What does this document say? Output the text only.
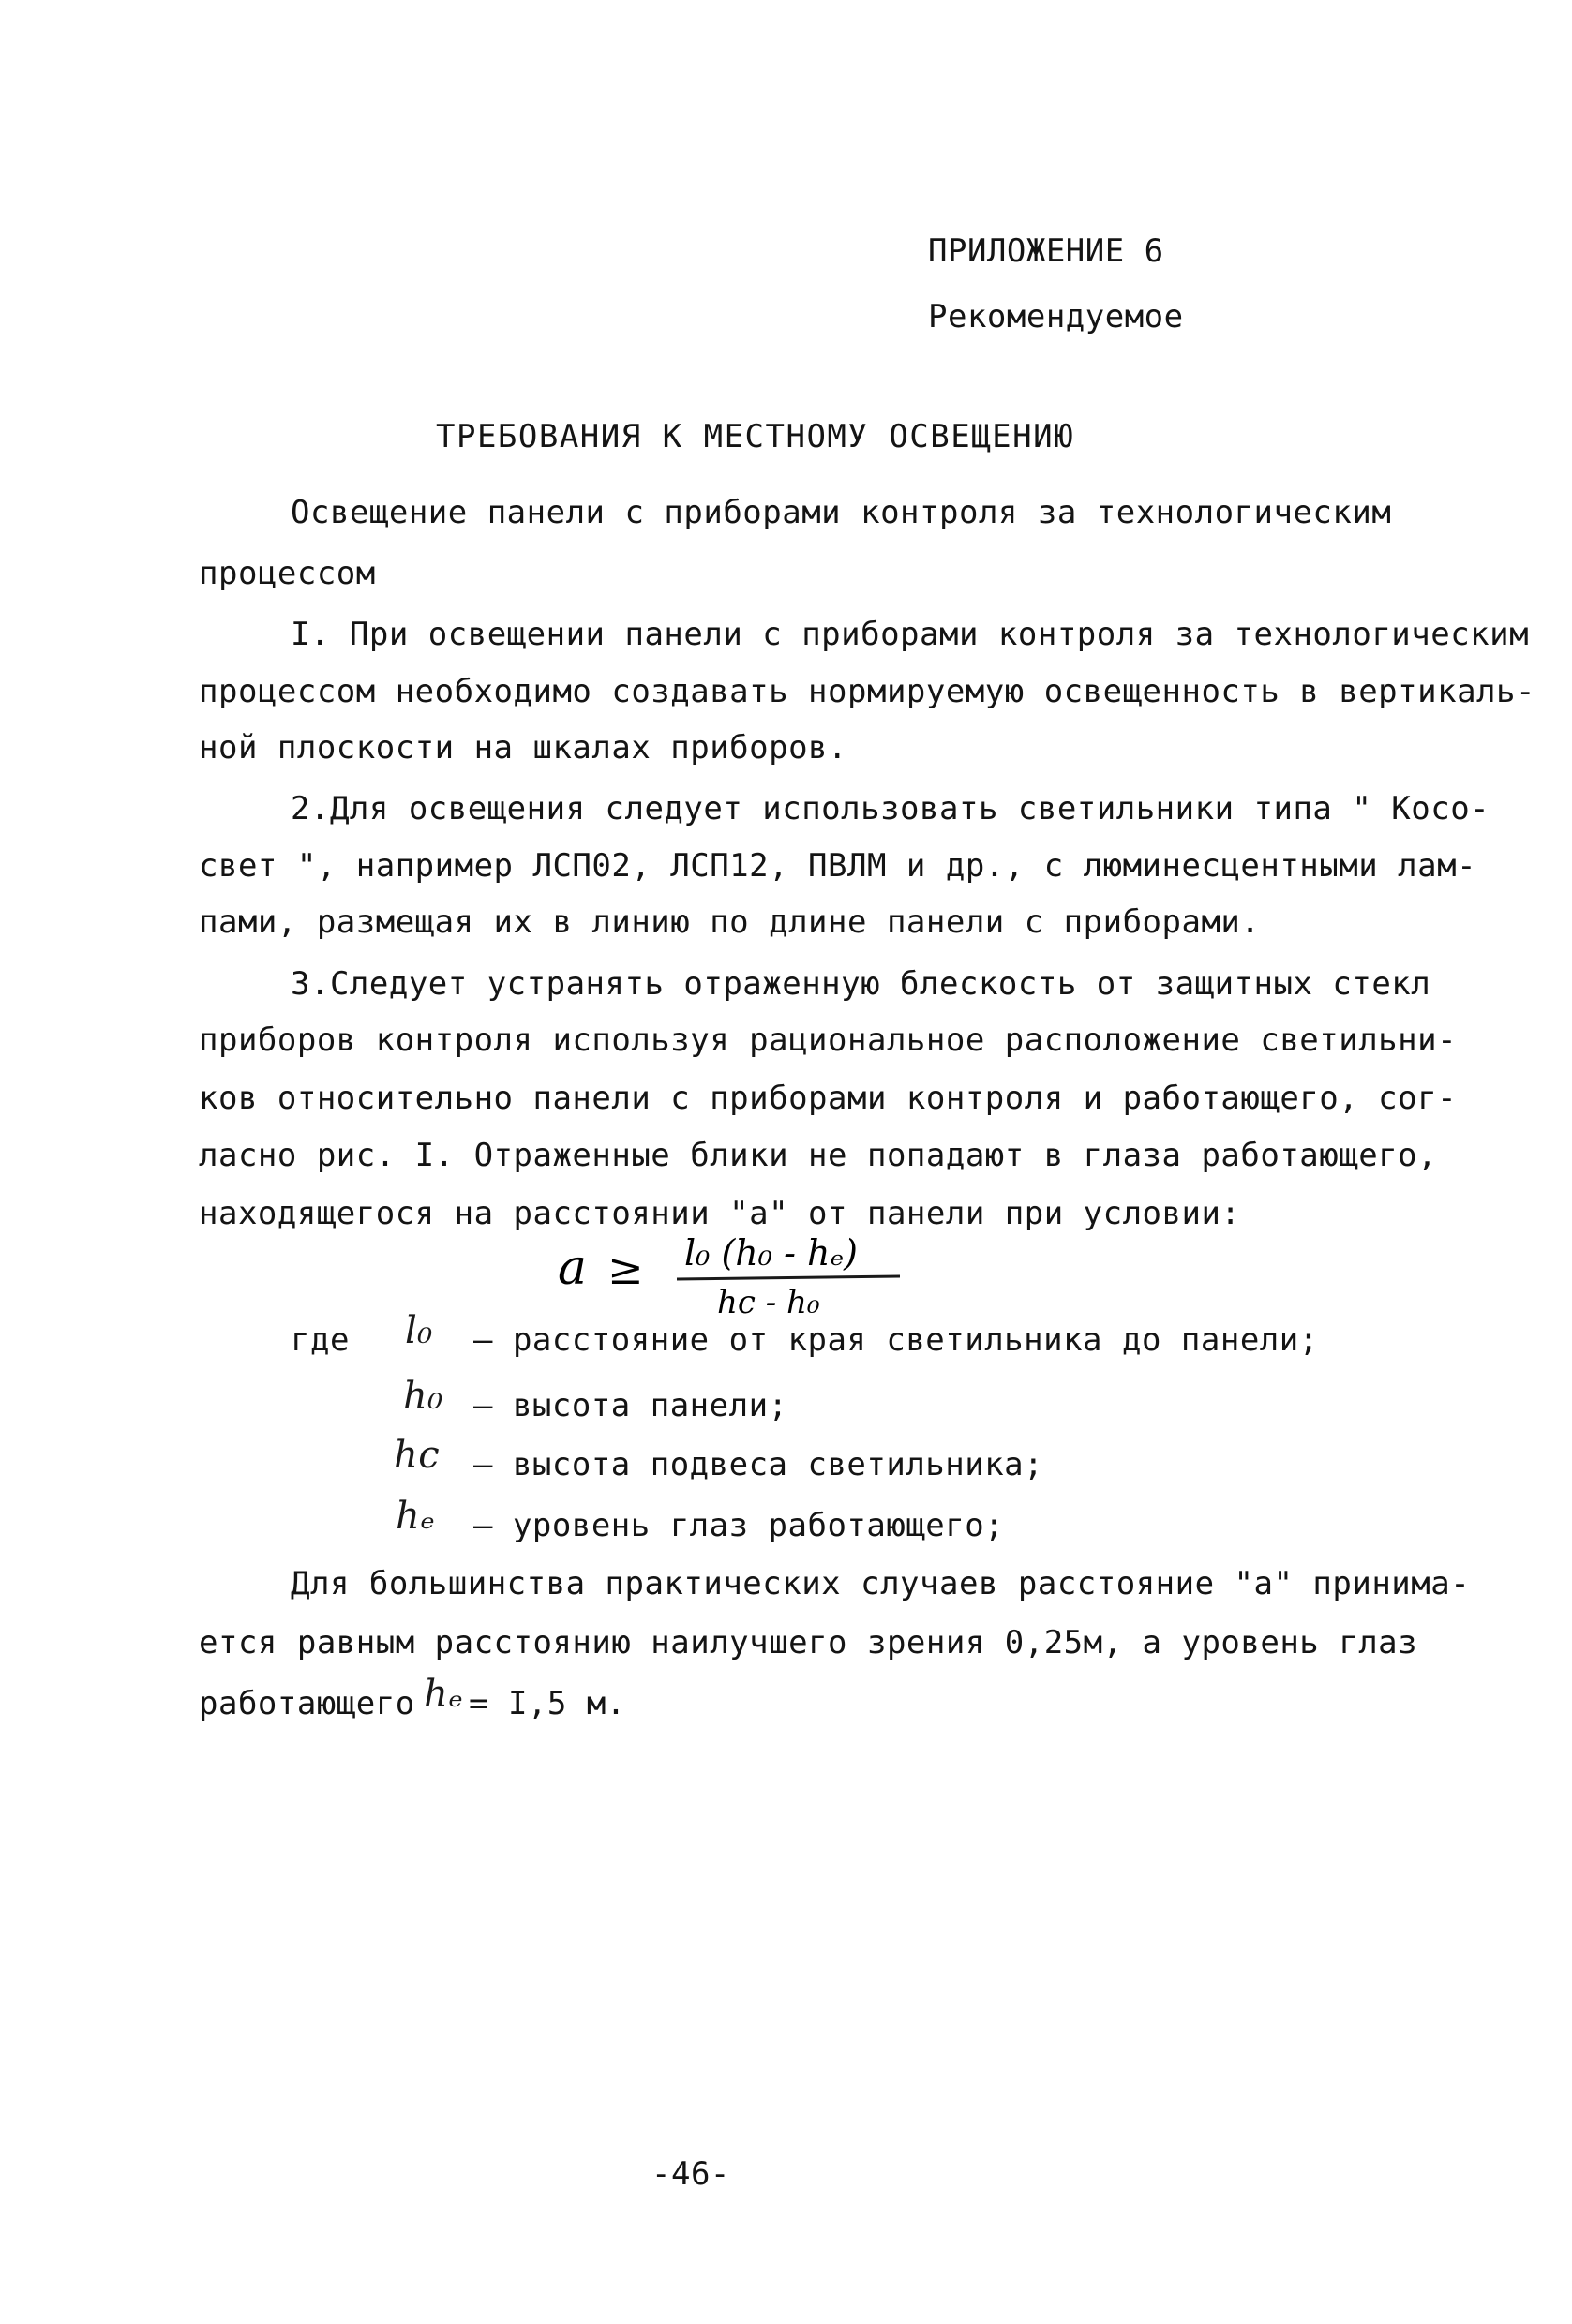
ПРИЛОЖЕНИЕ 6

Рекомендуемое

ТРЕБОВАНИЯ К МЕСТНОМУ ОСВЕЩЕНИЮ

Освещение панели с приборами контроля за технологическим

процессом

I. При освещении панели с приборами контроля за технологическим

процессом необходимо создавать нормируемую освещенность в вертикаль-

ной плоскости на шкалах приборов.

2.Для освещения следует использовать светильники типа " Косо-

свет ", например ЛСП02, ЛСП12, ПВЛМ и др., с люминесцентными лам-

пами, размещая их в линию по длине панели с приборами.

3.Следует устранять отраженную блескость от защитных стекл

приборов контроля используя рациональное расположение светильни-

ков относительно панели с приборами контроля и работающего, сог-

ласно рис. I. Отраженные блики не попадают в глаза работающего,

находящегося на расстоянии "а" от панели при условии:

a ≥ l₀ (h₀ - hₑ)
hc - h₀

где l₀ – расстояние от края светильника до панели;

h₀ – высота панели;

hc – высота подвеса светильника;

hₑ – уровень глаз работающего;

Для большинства практических случаев расстояние "а" принима-

ется равным расстоянию наилучшего зрения 0,25м, а уровень глаз

работающего hₑ = I,5 м.

-46-
